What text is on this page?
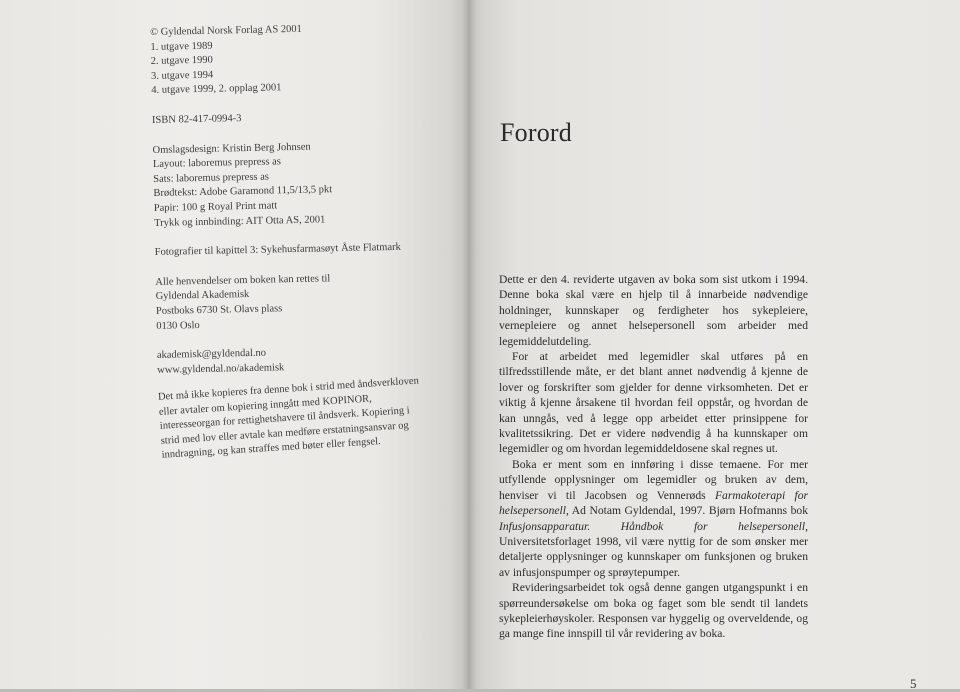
© Gyldendal Norsk Forlag AS 2001

1. utgave 1989

2. utgave 1990

3. utgave 1994

4. utgave 1999, 2. opplag 2001

ISBN 82-417-0994-3

Omslagsdesign: Kristin Berg Johnsen

Layout: laboremus prepress as

Sats: laboremus prepress as

Brødtekst: Adobe Garamond 11,5/13,5 pkt

Papir: 100 g Royal Print matt

Trykk og innbinding: AIT Otta AS, 2001

Fotografier til kapittel 3: Sykehusfarmasøyt Åste Flatmark

Alle henvendelser om boken kan rettes til

Gyldendal Akademisk

Postboks 6730 St. Olavs plass

0130 Oslo

akademisk@gyldendal.no

www.gyldendal.no/akademisk

Det må ikke kopieres fra denne bok i strid med åndsverkloven eller avtaler om kopiering inngått med KOPINOR, interesseorgan for rettighetshavere til åndsverk. Kopiering i strid med lov eller avtale kan medføre erstatningsansvar og inndragning, og kan straffes med bøter eller fengsel.

Forord

Dette er den 4. reviderte utgaven av boka som sist utkom i 1994. Denne boka skal være en hjelp til å innarbeide nødvendige holdninger, kunnskaper og ferdigheter hos sykepleiere, vernepleiere og annet helsepersonell som arbeider med legemiddelutdeling.

For at arbeidet med legemidler skal utføres på en tilfredsstillende måte, er det blant annet nødvendig å kjenne de lover og forskrifter som gjelder for denne virksomheten. Det er viktig å kjenne årsakene til hvordan feil oppstår, og hvordan de kan unngås, ved å legge opp arbeidet etter prinsippene for kvalitetssikring. Det er videre nødvendig å ha kunnskaper om legemidler og om hvordan legemiddeldosene skal regnes ut.

Boka er ment som en innføring i disse temaene. For mer utfyllende opplysninger om legemidler og bruken av dem, henviser vi til Jacobsen og Vennerøds Farmakoterapi for helsepersonell, Ad Notam Gyldendal, 1997. Bjørn Hofmanns bok Infusjonsapparatur. Håndbok for helsepersonell, Universitetsforlaget 1998, vil være nyttig for de som ønsker mer detaljerte opplysninger og kunnskaper om funksjonen og bruken av infusjonspumper og sprøytepumper.

Revideringsarbeidet tok også denne gangen utgangspunkt i en spørreundersøkelse om boka og faget som ble sendt til landets sykepleierhøyskoler. Responsen var hyggelig og overveldende, og ga mange fine innspill til vår revidering av boka.

5
